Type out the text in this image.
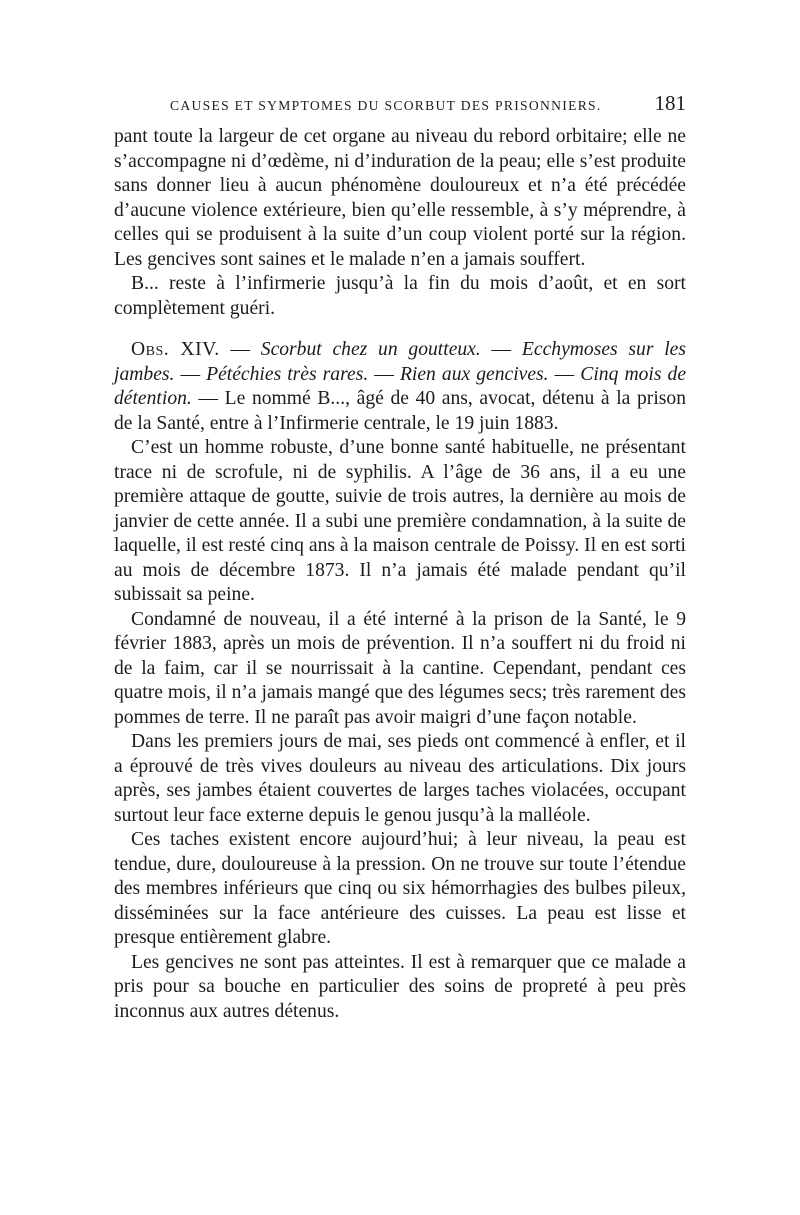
CAUSES ET SYMPTOMES DU SCORBUT DES PRISONNIERS.	181

pant toute la largeur de cet organe au niveau du rebord orbitaire; elle ne s’accompagne ni d’œdème, ni d’induration de la peau; elle s’est produite sans donner lieu à aucun phénomène douloureux et n’a été précédée d’aucune violence extérieure, bien qu’elle ressemble, à s’y méprendre, à celles qui se produisent à la suite d’un coup violent porté sur la région. Les gencives sont saines et le malade n’en a jamais souffert.

B... reste à l’infirmerie jusqu’à la fin du mois d’août, et en sort complètement guéri.

Obs. XIV. — Scorbut chez un goutteux. — Ecchymoses sur les jambes. — Pétéchies très rares. — Rien aux gencives. — Cinq mois de détention. — Le nommé B..., âgé de 40 ans, avocat, détenu à la prison de la Santé, entre à l’Infirmerie centrale, le 19 juin 1883.

C’est un homme robuste, d’une bonne santé habituelle, ne présentant trace ni de scrofule, ni de syphilis. A l’âge de 36 ans, il a eu une première attaque de goutte, suivie de trois autres, la dernière au mois de janvier de cette année. Il a subi une première condamnation, à la suite de laquelle, il est resté cinq ans à la maison centrale de Poissy. Il en est sorti au mois de décembre 1873. Il n’a jamais été malade pendant qu’il subissait sa peine.

Condamné de nouveau, il a été interné à la prison de la Santé, le 9 février 1883, après un mois de prévention. Il n’a souffert ni du froid ni de la faim, car il se nourrissait à la cantine. Cependant, pendant ces quatre mois, il n’a jamais mangé que des légumes secs; très rarement des pommes de terre. Il ne paraît pas avoir maigri d’une façon notable.

Dans les premiers jours de mai, ses pieds ont commencé à enfler, et il a éprouvé de très vives douleurs au niveau des articulations. Dix jours après, ses jambes étaient couvertes de larges taches violacées, occupant surtout leur face externe depuis le genou jusqu’à la malléole.

Ces taches existent encore aujourd’hui; à leur niveau, la peau est tendue, dure, douloureuse à la pression. On ne trouve sur toute l’étendue des membres inférieurs que cinq ou six hémorrhagies des bulbes pileux, disséminées sur la face antérieure des cuisses. La peau est lisse et presque entièrement glabre.

Les gencives ne sont pas atteintes. Il est à remarquer que ce malade a pris pour sa bouche en particulier des soins de propreté à peu près inconnus aux autres détenus.
